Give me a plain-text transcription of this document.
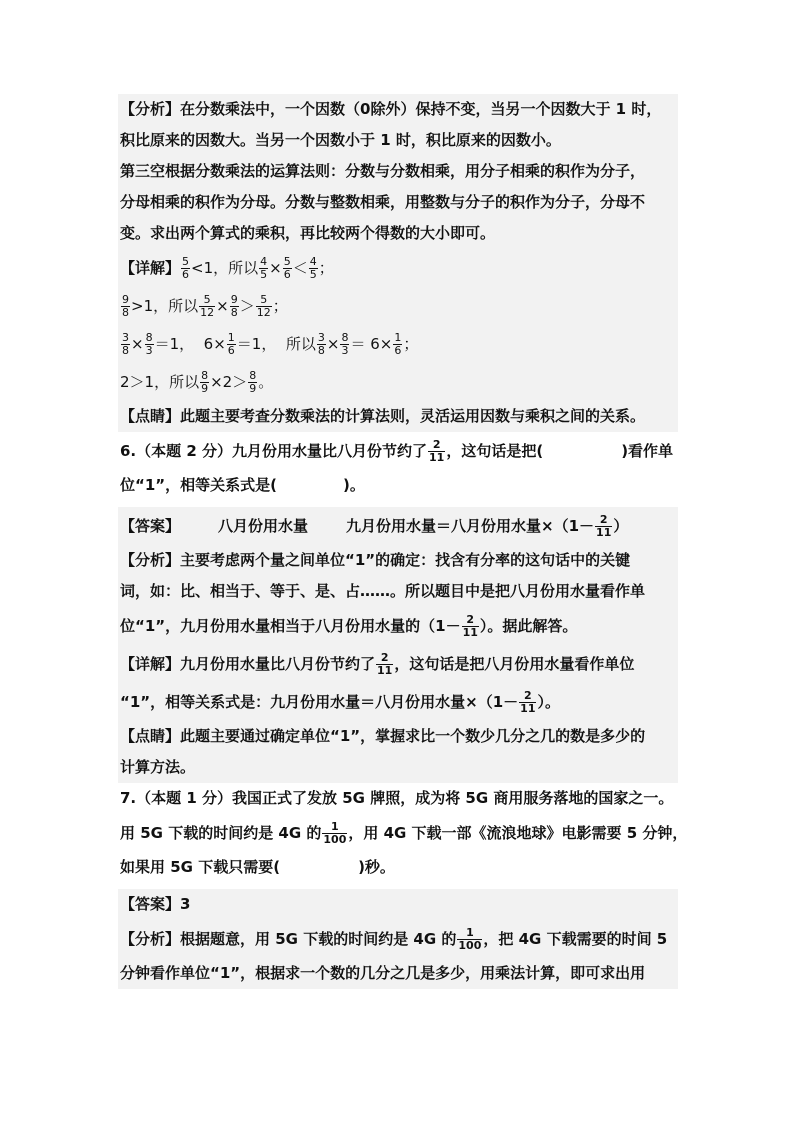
【分析】 在分数乘法中，一个因数（0除外）保持不变，当另一个因数大于 1 时，
积比原来的因数大。当另一个因数小于 1 时，积比原来的因数小。
第三空根据分数乘法的运算法则：分数与分数相乘，用分子相乘的积作为分子，
分母相乘的积作为分母。分数与整数相乘，用整数与分子的积作为分子，分母不
变。求出两个算式的乘积，再比较两个得数的大小即可。
【详解】 $\frac{5}{6} <1$，所以 $\frac{4}{5} \times \frac{5}{6} < \frac{4}{5}$ ；
$\frac{9}{8} >1$，所以 $\frac{5}{12} \times \frac{9}{8} > \frac{5}{12}$ ；
$\frac{3}{8} \times \frac{8}{3} =1$，  $6\times \frac{1}{6} =1$，  所以 $\frac{3}{8} \times \frac{8}{3} = 6\times \frac{1}{6}$ ；
2＞1，所以 $\frac{8}{9} \times 2> \frac{8}{9}$ 。
【点睛】 此题主要考查分数乘法的计算法则，灵活运用因数与乘积之间的关系。
6.（本题 2 分）九月份用水量比八月份节约了 $\frac{2}{11}$ ，这句话是把(	)看作单
位“1”，相等关系式是(	)。
【答案】	八月份用水量	九月份用水量＝八月份用水量$\times(1- \frac{2}{11}$ ）
【分析】 主要考虑两个量之间单位“1”的确定：找含有分率的这句话中的关键
词，如：比、相当于、等于、是、占……。所以题目中是把八月份用水量看作单
位“1”，九月份用水量相当于八月份用水量的（$1- \frac{2}{11}$ ）。据此解答。
【详解】 九月份用水量比八月份节约了 $\frac{2}{11}$ ，这句话是把八月份用水量看作单位
“1”，相等关系式是：九月份用水量＝八月份用水量$\times(1- \frac{2}{11}$ ）。
【点睛】 此题主要通过确定单位“1”，掌握求比一个数少几分之几的数是多少的
计算方法。
7.（本题 1 分）我国正式了发放 5G 牌照，成为将 5G 商用服务落地的国家之一。
用 5G 下载的时间约是 4G 的 $\frac{1}{100}$ ，用 4G 下载一部《流浪地球》电影需要 5 分钟，
如果用 5G 下载只需要(	)秒。
【答案】 3
【分析】 根据题意，用 5G 下载的时间约是 4G 的 $\frac{1}{100}$ ，把 4G 下载需要的时间 5
分钟看作单位“1”，根据求一个数的几分之几是多少，用乘法计算，即可求出用
